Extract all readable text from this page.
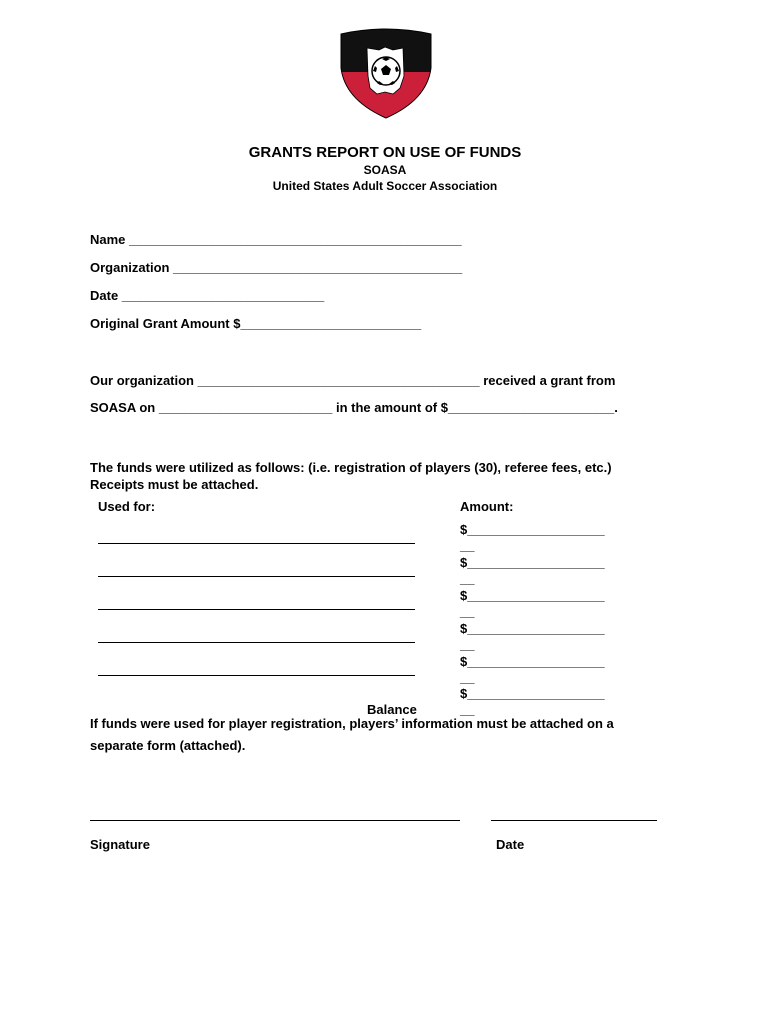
GRANTS REPORT ON USE OF FUNDS
SOASA
United States Adult Soccer Association
Name ______________________________________________
Organization ________________________________________
Date ____________________________
Original Grant Amount $_________________________
Our organization _______________________________________ received a grant from
SOASA on ________________________ in the amount of $_______________________.
The funds were utilized as follows: (i.e. registration of players (30), referee fees, etc.)
Receipts must be attached.
Used for:	Amount:
$___________________
__
$___________________
__
$___________________
__
$___________________
__
$___________________
__
$___________________
__
Balance
If funds were used for player registration, players’ information must be attached on a
separate form (attached).
Signature	Date
